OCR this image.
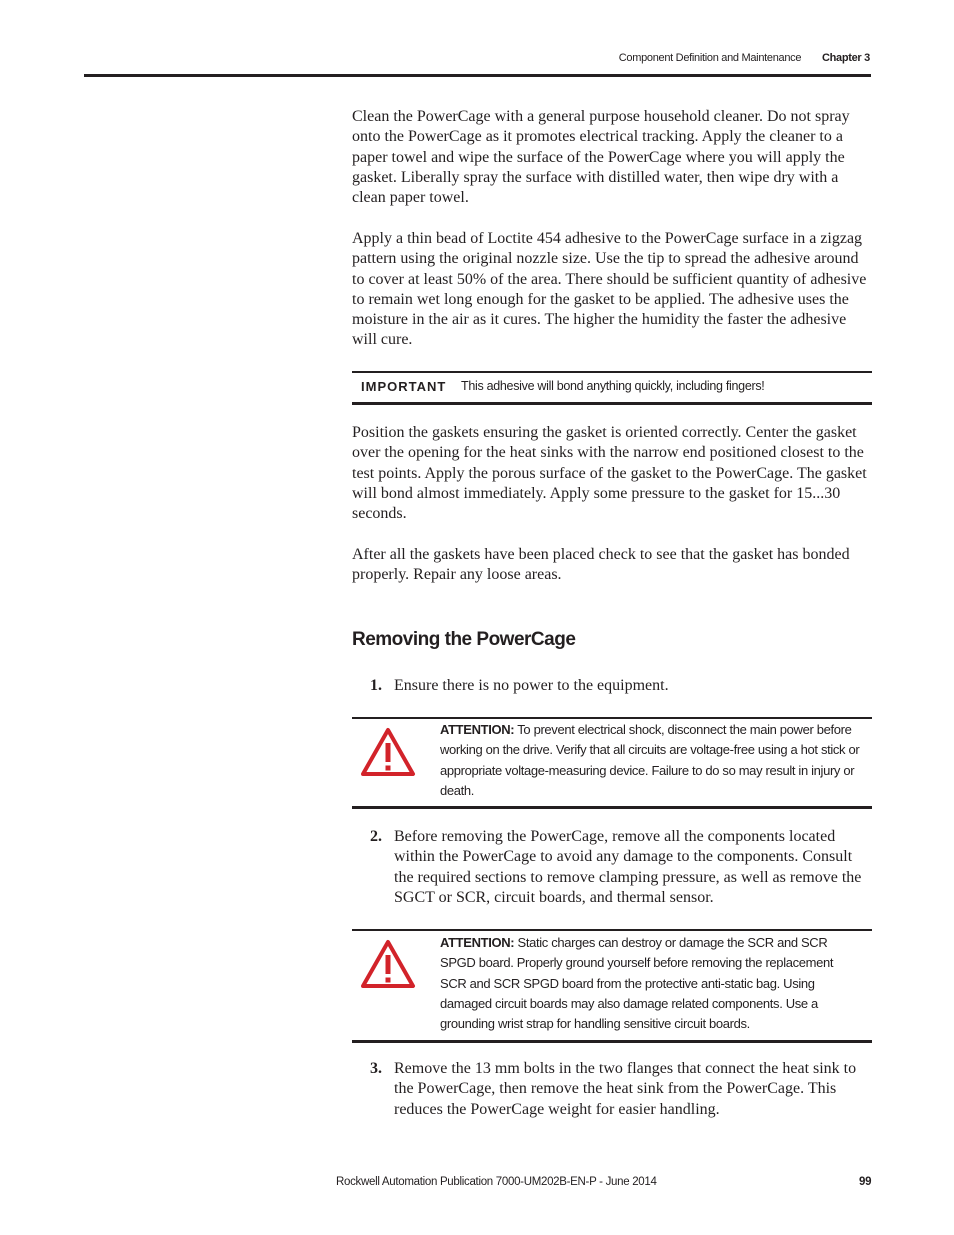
Component Definition and Maintenance Chapter 3

Clean the PowerCage with a general purpose household cleaner. Do not spray onto the PowerCage as it promotes electrical tracking. Apply the cleaner to a paper towel and wipe the surface of the PowerCage where you will apply the gasket. Liberally spray the surface with distilled water, then wipe dry with a clean paper towel.

Apply a thin bead of Loctite 454 adhesive to the PowerCage surface in a zigzag pattern using the original nozzle size. Use the tip to spread the adhesive around to cover at least 50% of the area. There should be sufficient quantity of adhesive to remain wet long enough for the gasket to be applied. The adhesive uses the moisture in the air as it cures. The higher the humidity the faster the adhesive will cure.

IMPORTANT This adhesive will bond anything quickly, including fingers!

Position the gaskets ensuring the gasket is oriented correctly. Center the gasket over the opening for the heat sinks with the narrow end positioned closest to the test points. Apply the porous surface of the gasket to the PowerCage. The gasket will bond almost immediately. Apply some pressure to the gasket for 15...30 seconds.

After all the gaskets have been placed check to see that the gasket has bonded properly. Repair any loose areas.

Removing the PowerCage
1. Ensure there is no power to the equipment.
ATTENTION: To prevent electrical shock, disconnect the main power before working on the drive. Verify that all circuits are voltage-free using a hot stick or appropriate voltage-measuring device. Failure to do so may result in injury or death.
2. Before removing the PowerCage, remove all the components located within the PowerCage to avoid any damage to the components. Consult the required sections to remove clamping pressure, as well as remove the SGCT or SCR, circuit boards, and thermal sensor.
ATTENTION: Static charges can destroy or damage the SCR and SCR SPGD board. Properly ground yourself before removing the replacement SCR and SCR SPGD board from the protective anti-static bag. Using damaged circuit boards may also damage related components. Use a grounding wrist strap for handling sensitive circuit boards.
3. Remove the 13 mm bolts in the two flanges that connect the heat sink to the PowerCage, then remove the heat sink from the PowerCage. This reduces the PowerCage weight for easier handling.
Rockwell Automation Publication 7000-UM202B-EN-P - June 2014	99
